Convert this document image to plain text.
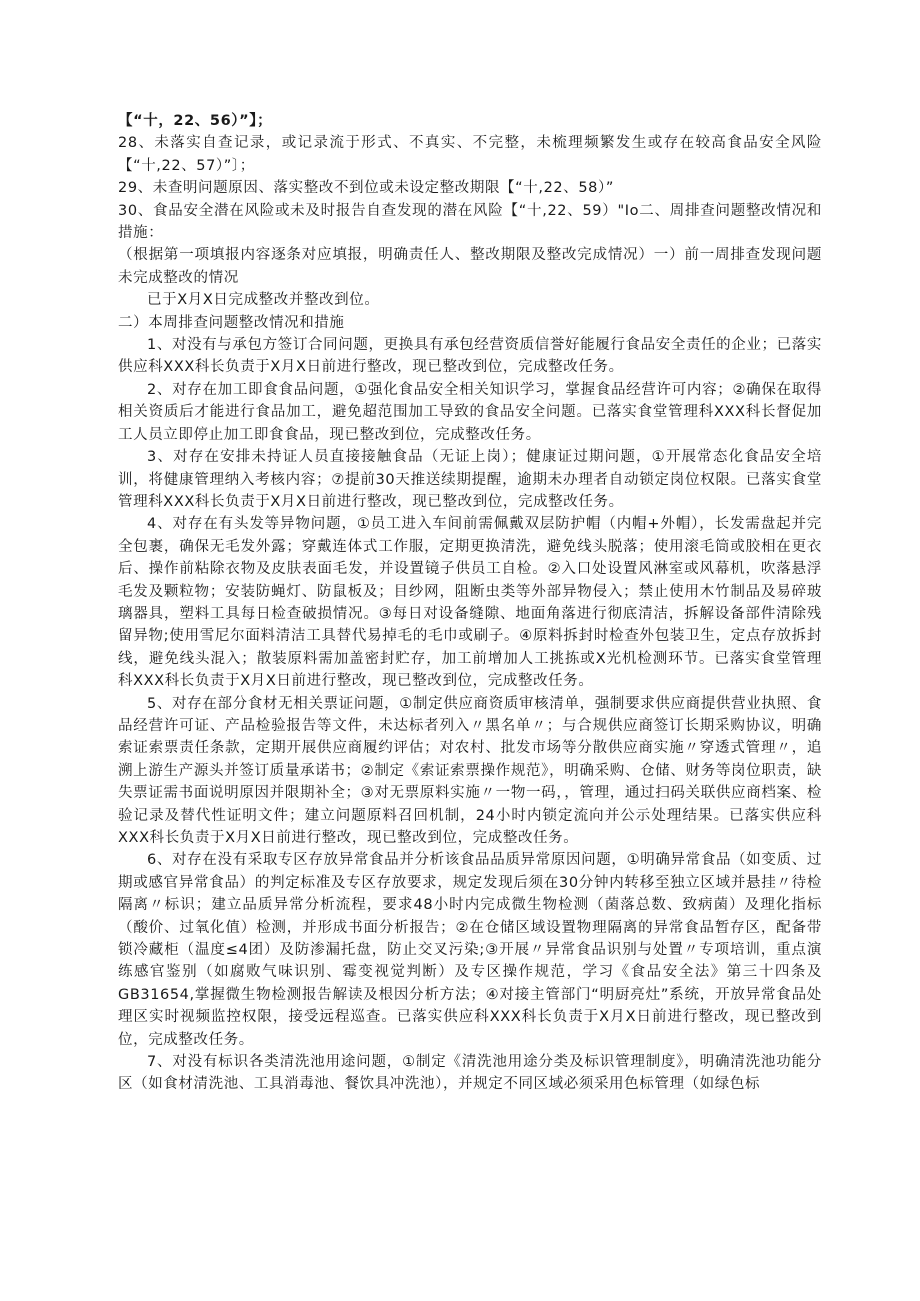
【“十，22、56）”】；

28、未落实自查记录，或记录流于形式、不真实、不完整，未梳理频繁发生或存在较高食品安全风险【“十,22、57）”〕；

29、未查明问题原因、落实整改不到位或未设定整改期限【“十,22、58）”

30、食品安全潜在风险或未及时报告自查发现的潜在风险【“十,22、59）"Io二、周排查问题整改情况和措施：

（根据第一项填报内容逐条对应填报，明确责任人、整改期限及整改完成情况）一）前一周排查发现问题未完成整改的情况

已于X月X日完成整改并整改到位。

二）本周排查问题整改情况和措施

1、对没有与承包方签订合同问题，更换具有承包经营资质信誉好能履行食品安全责任的企业；已落实供应科XXX科长负责于X月X日前进行整改，现已整改到位，完成整改任务。

2、对存在加工即食食品问题，①强化食品安全相关知识学习，掌握食品经营许可内容；②确保在取得相关资质后才能进行食品加工，避免超范围加工导致的食品安全问题。已落实食堂管理科XXX科长督促加工人员立即停止加工即食食品，现已整改到位，完成整改任务。

3、对存在安排未持证人员直接接触食品（无证上岗）；健康证过期问题，①开展常态化食品安全培训，将健康管理纳入考核内容；⑦提前30天推送续期提醒，逾期未办理者自动锁定岗位权限。已落实食堂管理科XXX科长负责于X月X日前进行整改，现已整改到位，完成整改任务。

4、对存在有头发等异物问题，①员工进入车间前需佩戴双层防护帽（内帽+外帽），长发需盘起并完全包裹，确保无毛发外露；穿戴连体式工作服，定期更换清洗，避免线头脱落；使用滚毛筒或胶相在更衣后、操作前粘除衣物及皮肤表面毛发，并设置镜子供员工自检。②入口处设置风淋室或风幕机，吹落悬浮毛发及颗粒物；安装防蝇灯、防鼠板及；目纱网，阻断虫类等外部异物侵入；禁止使用木竹制品及易碎玻璃器具，塑料工具每日检查破损情况。③每日对设备缝隙、地面角落进行彻底清洁，拆解设备部件清除残留异物;使用雪尼尔面料清洁工具替代易掉毛的毛巾或刷子。④原料拆封时检查外包装卫生，定点存放拆封线，避免线头混入；散装原料需加盖密封贮存，加工前增加人工挑拣或X光机检测环节。已落实食堂管理科XXX科长负责于X月X日前进行整改，现已整改到位，完成整改任务。

5、对存在部分食材无相关票证问题，①制定供应商资质审核清单，强制要求供应商提供营业执照、食品经营许可证、产品检验报告等文件，未达标者列入〃黑名单〃；与合规供应商签订长期采购协议，明确索证索票责任条款，定期开展供应商履约评估；对农村、批发市场等分散供应商实施〃穿透式管理〃，追溯上游生产源头并签订质量承诺书；②制定《索证索票操作规范》，明确采购、仓储、财务等岗位职责，缺失票证需书面说明原因并限期补全；③对无票原料实施〃一物一码，，管理，通过扫码关联供应商档案、检验记录及替代性证明文件；建立问题原料召回机制，24小时内锁定流向并公示处理结果。已落实供应科XXX科长负责于X月X日前进行整改，现已整改到位，完成整改任务。

6、对存在没有采取专区存放异常食品并分析该食品品质异常原因问题，①明确异常食品（如变质、过期或感官异常食品）的判定标准及专区存放要求，规定发现后须在30分钟内转移至独立区域并悬挂〃待检隔离〃标识；建立品质异常分析流程，要求48小时内完成微生物检测（菌落总数、致病菌）及理化指标（酸价、过氧化值）检测，并形成书面分析报告；②在仓储区域设置物理隔离的异常食品暂存区，配备带锁冷藏柜（温度≤4团）及防渗漏托盘，防止交叉污染;③开展〃异常食品识别与处置〃专项培训，重点演练感官鉴别（如腐败气味识别、霉变视觉判断）及专区操作规范，学习《食品安全法》第三十四条及GB31654,掌握微生物检测报告解读及根因分析方法；④对接主管部门“明厨亮灶”系统，开放异常食品处理区实时视频监控权限，接受远程巡查。已落实供应科XXX科长负责于X月X日前进行整改，现已整改到位，完成整改任务。

7、对没有标识各类清洗池用途问题，①制定《清洗池用途分类及标识管理制度》，明确清洗池功能分区（如食材清洗池、工具消毒池、餐饮具冲洗池），并规定不同区域必须采用色标管理（如绿色标
